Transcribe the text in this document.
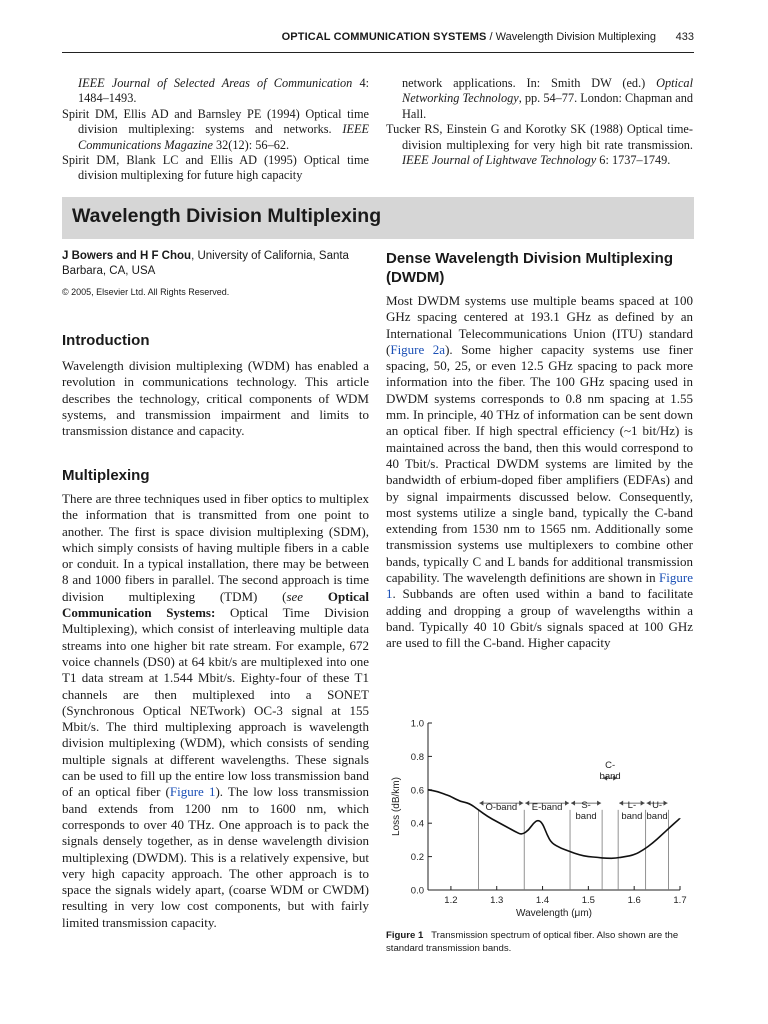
OPTICAL COMMUNICATION SYSTEMS / Wavelength Division Multiplexing 433
IEEE Journal of Selected Areas of Communication 4: 1484–1493.
Spirit DM, Ellis AD and Barnsley PE (1994) Optical time division multiplexing: systems and networks. IEEE Communications Magazine 32(12): 56–62.
Spirit DM, Blank LC and Ellis AD (1995) Optical time division multiplexing for future high capacity
network applications. In: Smith DW (ed.) Optical Networking Technology, pp. 54–77. London: Chapman and Hall.
Tucker RS, Einstein G and Korotky SK (1988) Optical time-division multiplexing for very high bit rate transmission. IEEE Journal of Lightwave Technology 6: 1737–1749.
Wavelength Division Multiplexing
J Bowers and H F Chou, University of California, Santa Barbara, CA, USA
© 2005, Elsevier Ltd. All Rights Reserved.
Introduction

Wavelength division multiplexing (WDM) has enabled a revolution in communications technology. This article describes the technology, critical components of WDM systems, and transmission impairment and limits to transmission distance and capacity.

Multiplexing

There are three techniques used in fiber optics to multiplex the information that is transmitted from one point to another. The first is space division multiplexing (SDM), which simply consists of having multiple fibers in a cable or conduit. In a typical installation, there may be between 8 and 1000 fibers in parallel. The second approach is time division multiplexing (TDM) (see Optical Communication Systems: Optical Time Division Multiplexing), which consist of interleaving multiple data streams into one higher bit rate stream. For example, 672 voice channels (DS0) at 64 kbit/s are multiplexed into one T1 data stream at 1.544 Mbit/s. Eighty-four of these T1 channels are then multiplexed into a SONET (Synchronous Optical NETwork) OC-3 signal at 155 Mbit/s. The third multiplexing approach is wavelength division multiplexing (WDM), which consists of sending multiple signals at different wavelengths. These signals can be used to fill up the entire low loss transmission band of an optical fiber (Figure 1). The low loss transmission band extends from 1200 nm to 1600 nm, which corresponds to over 40 THz. One approach is to pack the signals densely together, as in dense wavelength division multiplexing (DWDM). This is a relatively expensive, but very high capacity approach. The other approach is to space the signals widely apart, (coarse WDM or CWDM) resulting in very low cost components, but with fairly limited transmission capacity.

Dense Wavelength Division Multiplexing (DWDM)

Most DWDM systems use multiple beams spaced at 100 GHz spacing centered at 193.1 GHz as defined by an International Telecommunications Union (ITU) standard (Figure 2a). Some higher capacity systems use finer spacing, 50, 25, or even 12.5 GHz spacing to pack more information into the fiber. The 100 GHz spacing used in DWDM systems corresponds to 0.8 nm spacing at 1.55 mm. In principle, 40 THz of information can be sent down an optical fiber. If high spectral efficiency (~1 bit/Hz) is maintained across the band, then this would correspond to 40 Tbit/s. Practical DWDM systems are limited by the bandwidth of erbium-doped fiber amplifiers (EDFAs) and by signal impairments discussed below. Consequently, most systems utilize a single band, typically the C-band extending from 1530 nm to 1565 nm. Additionally some transmission systems use multiplexers to combine other bands, typically C and L bands for additional transmission capability. The wavelength definitions are shown in Figure 1. Subbands are often used within a band to facilitate adding and dropping a group of wavelengths within a band. Typically 40 10 Gbit/s signals spaced at 100 GHz are used to fill the C-band. Higher capacity

O-band E-band	S-band
C-band
L-band
U-band
0.0
0.2
0.4
0.6
0.8
1.0
1.2	1.3	1.4	1.5	1.6	1.7
Wavelength (μm)
Loss (dB/km)
Figure 1 Transmission spectrum of optical fiber. Also shown are the standard transmission bands.
